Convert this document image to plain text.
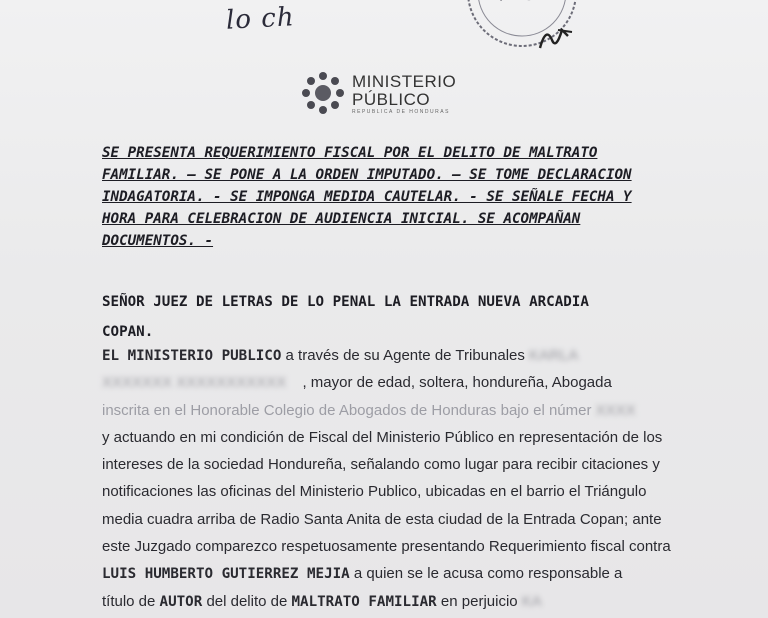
lo ch
MINISTERIO
PÚBLICO
REPUBLICA DE HONDURAS
SE PRESENTA REQUERIMIENTO FISCAL POR EL DELITO DE MALTRATO
FAMILIAR. – SE PONE A LA ORDEN IMPUTADO. – SE TOME DECLARACION
INDAGATORIA. - SE IMPONGA MEDIDA CAUTELAR. - SE SEÑALE FECHA Y
HORA PARA CELEBRACION DE AUDIENCIA INICIAL. SE ACOMPAÑAN
DOCUMENTOS. -
SEÑOR JUEZ DE LETRAS DE LO PENAL LA ENTRADA NUEVA ARCADIA
COPAN.
EL MINISTERIO PUBLICO a través de su Agente de Tribunales KARLA
XXXXXXX XXXXXXXXXXX , mayor de edad, soltera, hondureña, Abogada
inscrita en el Honorable Colegio de Abogados de Honduras bajo el númer XXXX
y actuando en mi condición de Fiscal del Ministerio Público en representación de los
intereses de la sociedad Hondureña, señalando como lugar para recibir citaciones y
notificaciones las oficinas del Ministerio Publico, ubicadas en el barrio el Triángulo
media cuadra arriba de Radio Santa Anita de esta ciudad de la Entrada Copan; ante
este Juzgado comparezco respetuosamente presentando Requerimiento fiscal contra
LUIS HUMBERTO GUTIERREZ MEJIA a quien se le acusa como responsable a
título de AUTOR del delito de MALTRATO FAMILIAR en perjuicio KA
